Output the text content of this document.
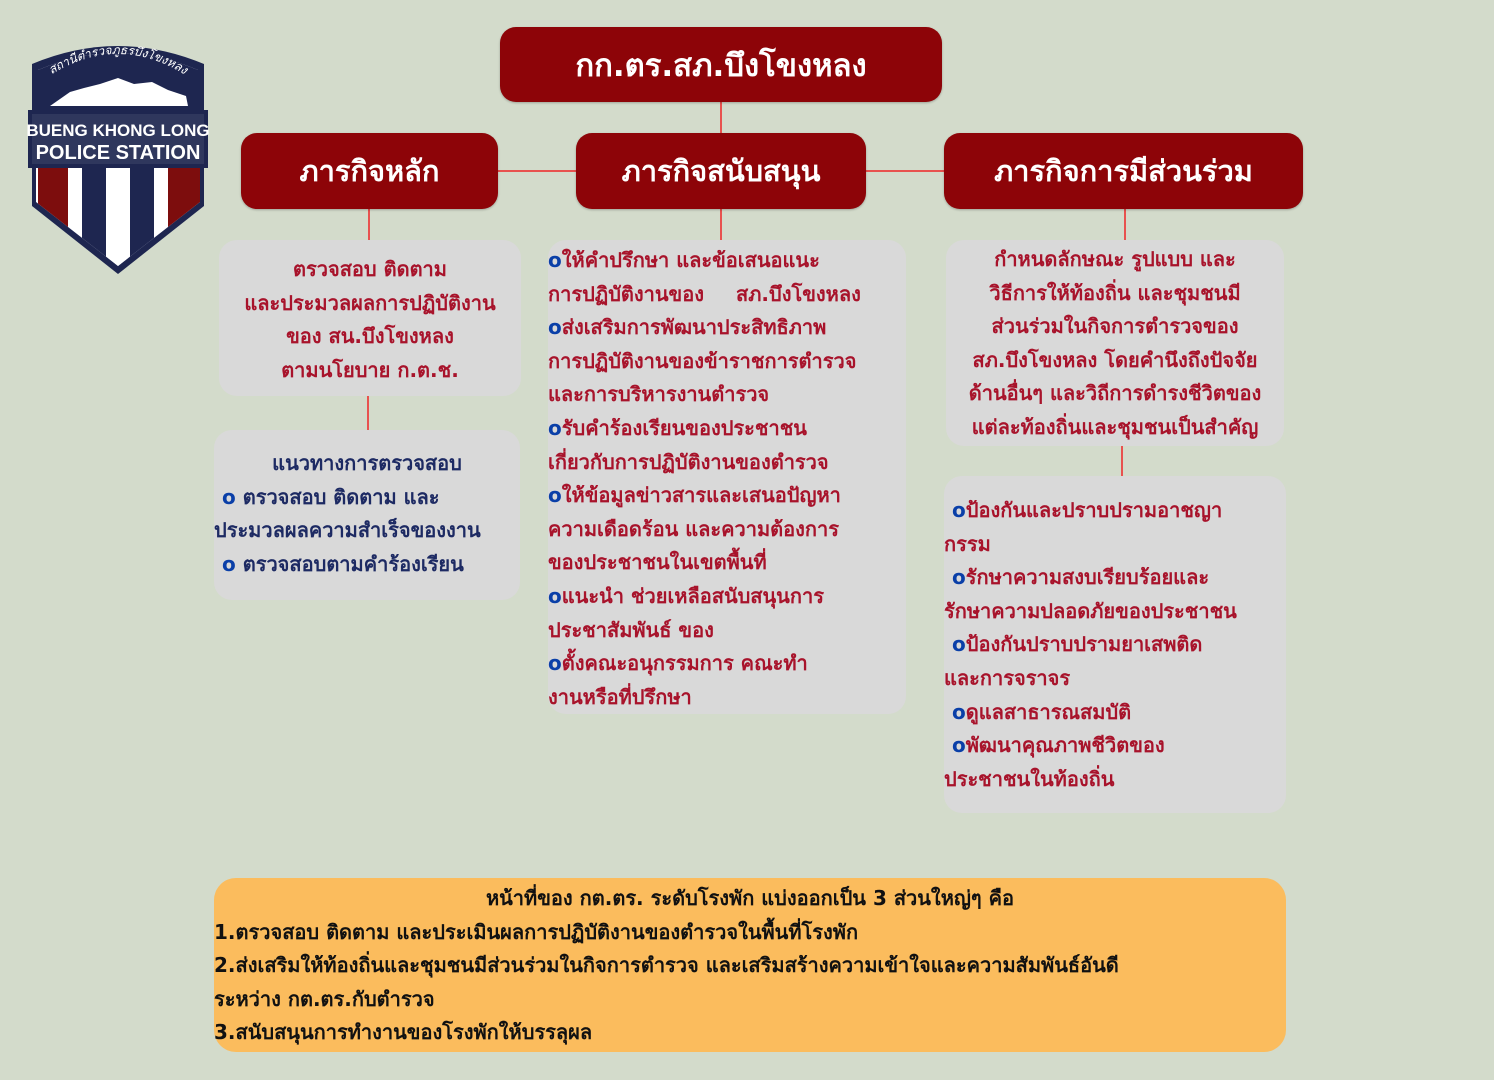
สถานีตำรวจภูธรบึงโขงหลง
BUENG KHONG LONG
POLICE STATION
กก.ตร.สภ.บึงโขงหลง
ภารกิจหลัก	ภารกิจสนับสนุน	ภารกิจการมีส่วนร่วม
ตรวจสอบ ติดตาม
และประมวลผลการปฏิบัติงาน
ของ สน.บึงโขงหลง
ตามนโยบาย ก.ต.ช.
แนวทางการตรวจสอบ
o ตรวจสอบ ติดตาม และ
ประมวลผลความสำเร็จของงาน
o ตรวจสอบตามคำร้องเรียน
oให้คำปรึกษา และข้อเสนอแนะ
การปฏิบัติงานของ สภ.บึงโขงหลง
oส่งเสริมการพัฒนาประสิทธิภาพ
การปฏิบัติงานของข้าราชการตำรวจ
และการบริหารงานตำรวจ
oรับคำร้องเรียนของประชาชน
เกี่ยวกับการปฏิบัติงานของตำรวจ
oให้ข้อมูลข่าวสารและเสนอปัญหา
ความเดือดร้อน และความต้องการ
ของประชาชนในเขตพื้นที่
oแนะนำ ช่วยเหลือสนับสนุนการ
ประชาสัมพันธ์ ของ
oตั้งคณะอนุกรรมการ คณะทำ
งานหรือที่ปรึกษา
กำหนดลักษณะ รูปแบบ และ
วิธีการให้ท้องถิ่น และชุมชนมี
ส่วนร่วมในกิจการตำรวจของ
สภ.บึงโขงหลง โดยคำนึงถึงปัจจัย
ด้านอื่นๆ และวิถีการดำรงชีวิตของ
แต่ละท้องถิ่นและชุมชนเป็นสำคัญ
oป้องกันและปราบปรามอาชญา
กรรม
oรักษาความสงบเรียบร้อยและ
รักษาความปลอดภัยของประชาชน
oป้องกันปราบปรามยาเสพติด
และการจราจร
oดูแลสาธารณสมบัติ
oพัฒนาคุณภาพชีวิตของ
ประชาชนในท้องถิ่น
หน้าที่ของ กต.ตร. ระดับโรงพัก แบ่งออกเป็น 3 ส่วนใหญ่ๆ คือ
1.ตรวจสอบ ติดตาม และประเมินผลการปฏิบัติงานของตำรวจในพื้นที่โรงพัก
2.ส่งเสริมให้ท้องถิ่นและชุมชนมีส่วนร่วมในกิจการตำรวจ และเสริมสร้างความเข้าใจและความสัมพันธ์อันดี
ระหว่าง กต.ตร.กับตำรวจ
3.สนับสนุนการทำงานของโรงพักให้บรรลุผล
